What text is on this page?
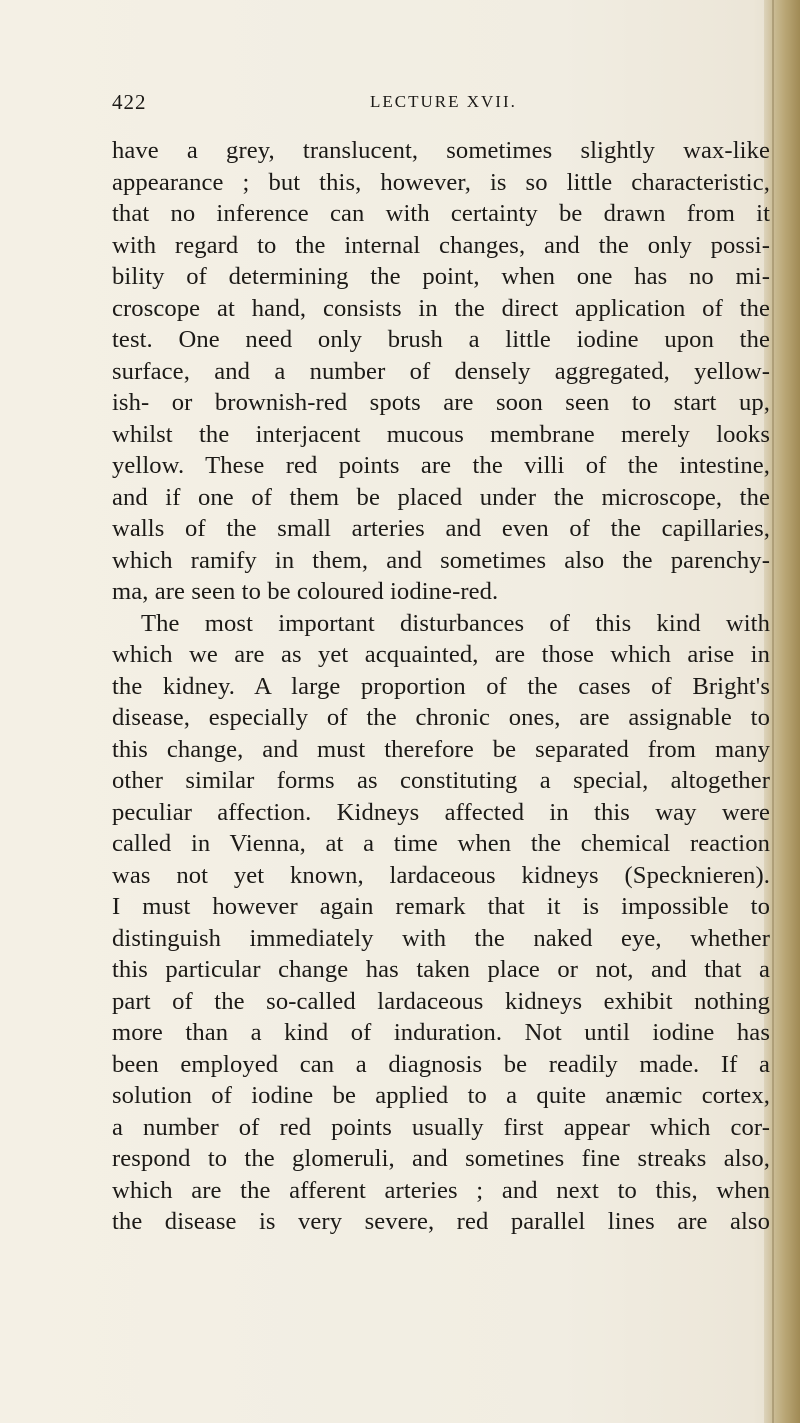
422	LECTURE XVII.
have a grey, translucent, sometimes slightly wax-like
appearance ; but this, however, is so little characteristic,
that no inference can with certainty be drawn from it
with regard to the internal changes, and the only possi-
bility of determining the point, when one has no mi-
croscope at hand, consists in the direct application of the
test. One need only brush a little iodine upon the
surface, and a number of densely aggregated, yellow-
ish- or brownish-red spots are soon seen to start up,
whilst the interjacent mucous membrane merely looks
yellow. These red points are the villi of the intestine,
and if one of them be placed under the microscope, the
walls of the small arteries and even of the capillaries,
which ramify in them, and sometimes also the parenchy-
ma, are seen to be coloured iodine-red.
The most important disturbances of this kind with
which we are as yet acquainted, are those which arise in
the kidney. A large proportion of the cases of Bright's
disease, especially of the chronic ones, are assignable to
this change, and must therefore be separated from many
other similar forms as constituting a special, altogether
peculiar affection. Kidneys affected in this way were
called in Vienna, at a time when the chemical reaction
was not yet known, lardaceous kidneys (Specknieren).
I must however again remark that it is impossible to
distinguish immediately with the naked eye, whether
this particular change has taken place or not, and that a
part of the so-called lardaceous kidneys exhibit nothing
more than a kind of induration. Not until iodine has
been employed can a diagnosis be readily made. If a
solution of iodine be applied to a quite anæmic cortex,
a number of red points usually first appear which cor-
respond to the glomeruli, and sometines fine streaks also,
which are the afferent arteries ; and next to this, when
the disease is very severe, red parallel lines are also
